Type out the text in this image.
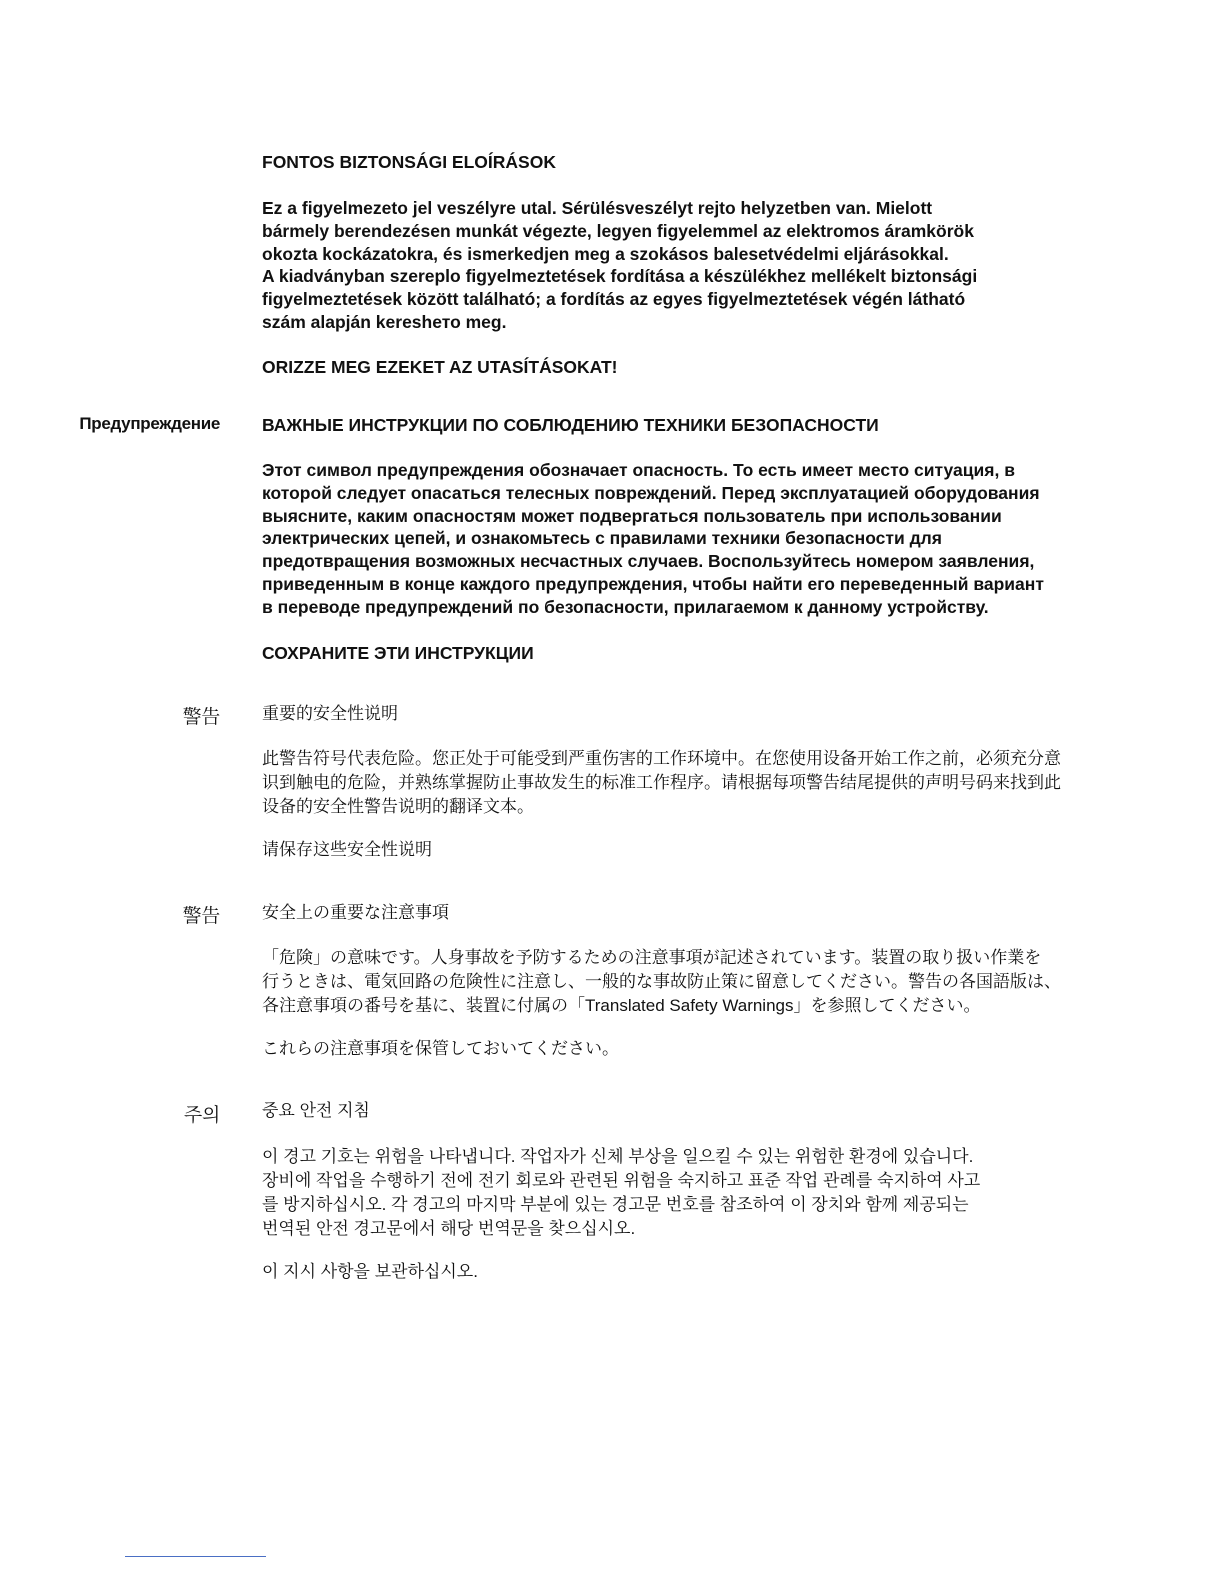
FONTOS BIZTONSÁGI ELOÍRÁSOK

Ez a figyelmezeto jel veszélyre utal. Sérülésveszélyt rejto helyzetben van. Mielott
bármely berendezésen munkát végezte, legyen figyelemmel az elektromos áramkörök
okozta kockázatokra, és ismerkedjen meg a szokásos balesetvédelmi eljárásokkal.
A kiadványban szereplo figyelmeztetések fordítása a készülékhez mellékelt biztonsági
figyelmeztetések között található; a fordítás az egyes figyelmeztetések végén látható
szám alapján kereshето meg.

ORIZZE MEG EZEKET AZ UTASÍTÁSOKAT!

Предупреждение ВАЖНЫЕ ИНСТРУКЦИИ ПО СОБЛЮДЕНИЮ ТЕХНИКИ БЕЗОПАСНОСТИ

Этот символ предупреждения обозначает опасность. То есть имеет место ситуация, в
которой следует опасаться телесных повреждений. Перед эксплуатацией оборудования
выясните, каким опасностям может подвергаться пользователь при использовании
электрических цепей, и ознакомьтесь с правилами техники безопасности для
предотвращения возможных несчастных случаев. Воспользуйтесь номером заявления,
приведенным в конце каждого предупреждения, чтобы найти его переведенный вариант
в переводе предупреждений по безопасности, прилагаемом к данному устройству.

СОХРАНИТЕ ЭТИ ИНСТРУКЦИИ

警告 重要的安全性说明

此警告符号代表危险。您正处于可能受到严重伤害的工作环境中。在您使用设备开始工作之前，必须充分意
识到触电的危险，并熟练掌握防止事故发生的标准工作程序。请根据每项警告结尾提供的声明号码来找到此
设备的安全性警告说明的翻译文本。

请保存这些安全性说明

警告 安全上の重要な注意事項

「危険」の意味です。人身事故を予防するための注意事項が記述されています。装置の取り扱い作業を
行うときは、電気回路の危険性に注意し、一般的な事故防止策に留意してください。警告の各国語版は、
各注意事項の番号を基に、装置に付属の「Translated Safety Warnings」を参照してください。

これらの注意事項を保管しておいてください。

주의 중요 안전 지침

이 경고 기호는 위험을 나타냅니다. 작업자가 신체 부상을 일으킬 수 있는 위험한 환경에 있습니다.
장비에 작업을 수행하기 전에 전기 회로와 관련된 위험을 숙지하고 표준 작업 관례를 숙지하여 사고
를 방지하십시오. 각 경고의 마지막 부분에 있는 경고문 번호를 참조하여 이 장치와 함께 제공되는
번역된 안전 경고문에서 해당 번역문을 찾으십시오.

이 지시 사항을 보관하십시오.
